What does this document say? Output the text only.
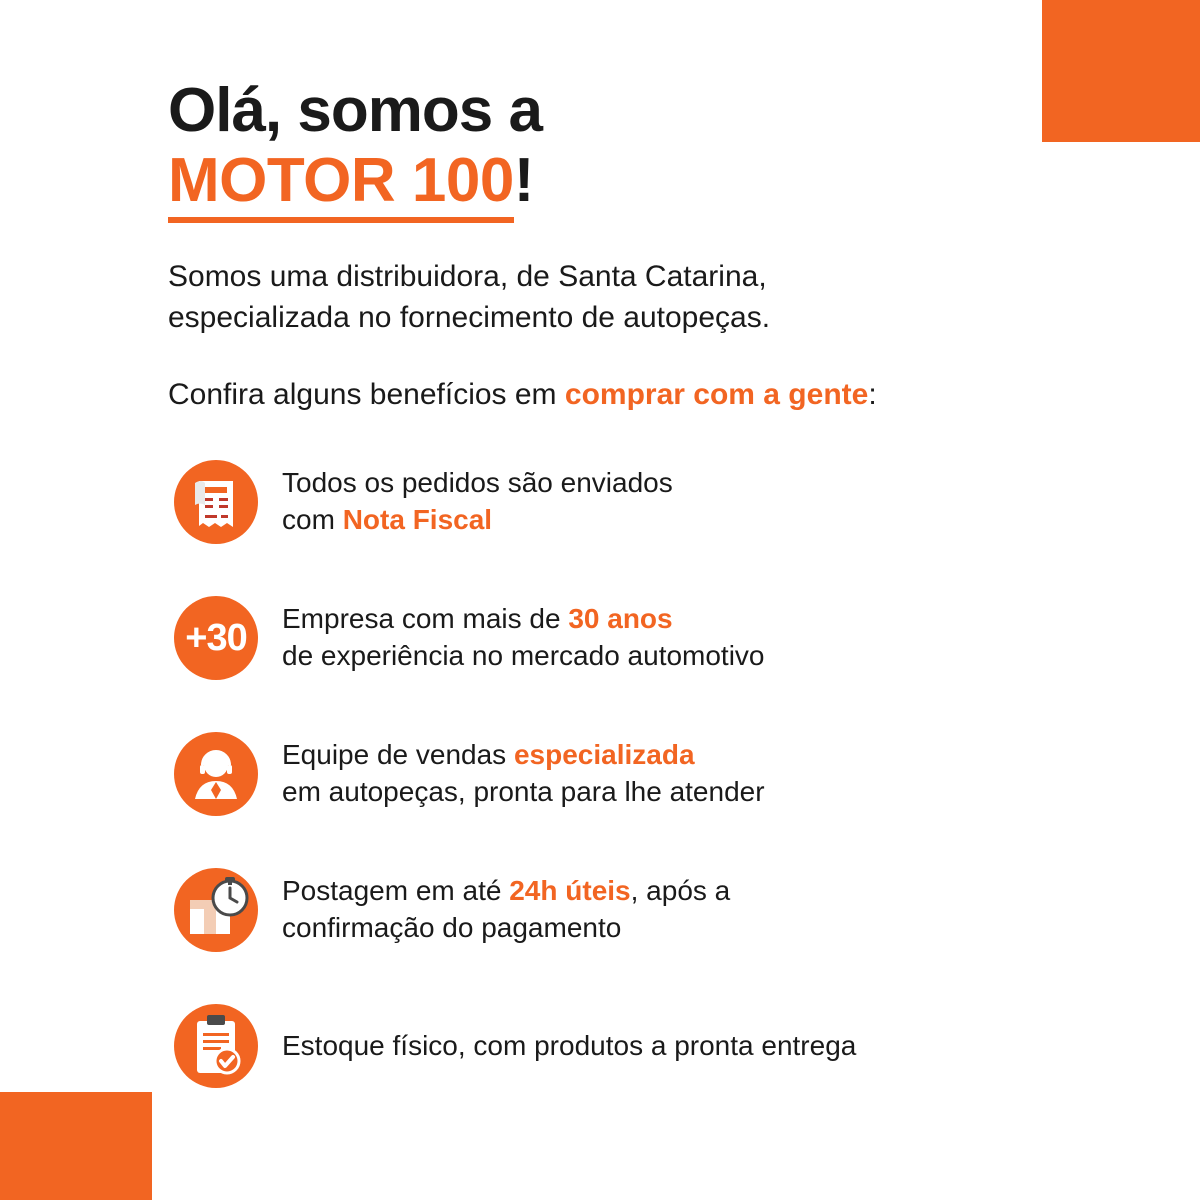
Olá, somos a
MOTOR 100!

Somos uma distribuidora, de Santa Catarina,
especializada no fornecimento de autopeças.

Confira alguns benefícios em comprar com a gente:

Todos os pedidos são enviados
com Nota Fiscal
+30 Empresa com mais de 30 anos
de experiência no mercado automotivo
Equipe de vendas especializada
em autopeças, pronta para lhe atender
Postagem em até 24h úteis, após a
confirmação do pagamento
Estoque físico, com produtos a pronta entrega
